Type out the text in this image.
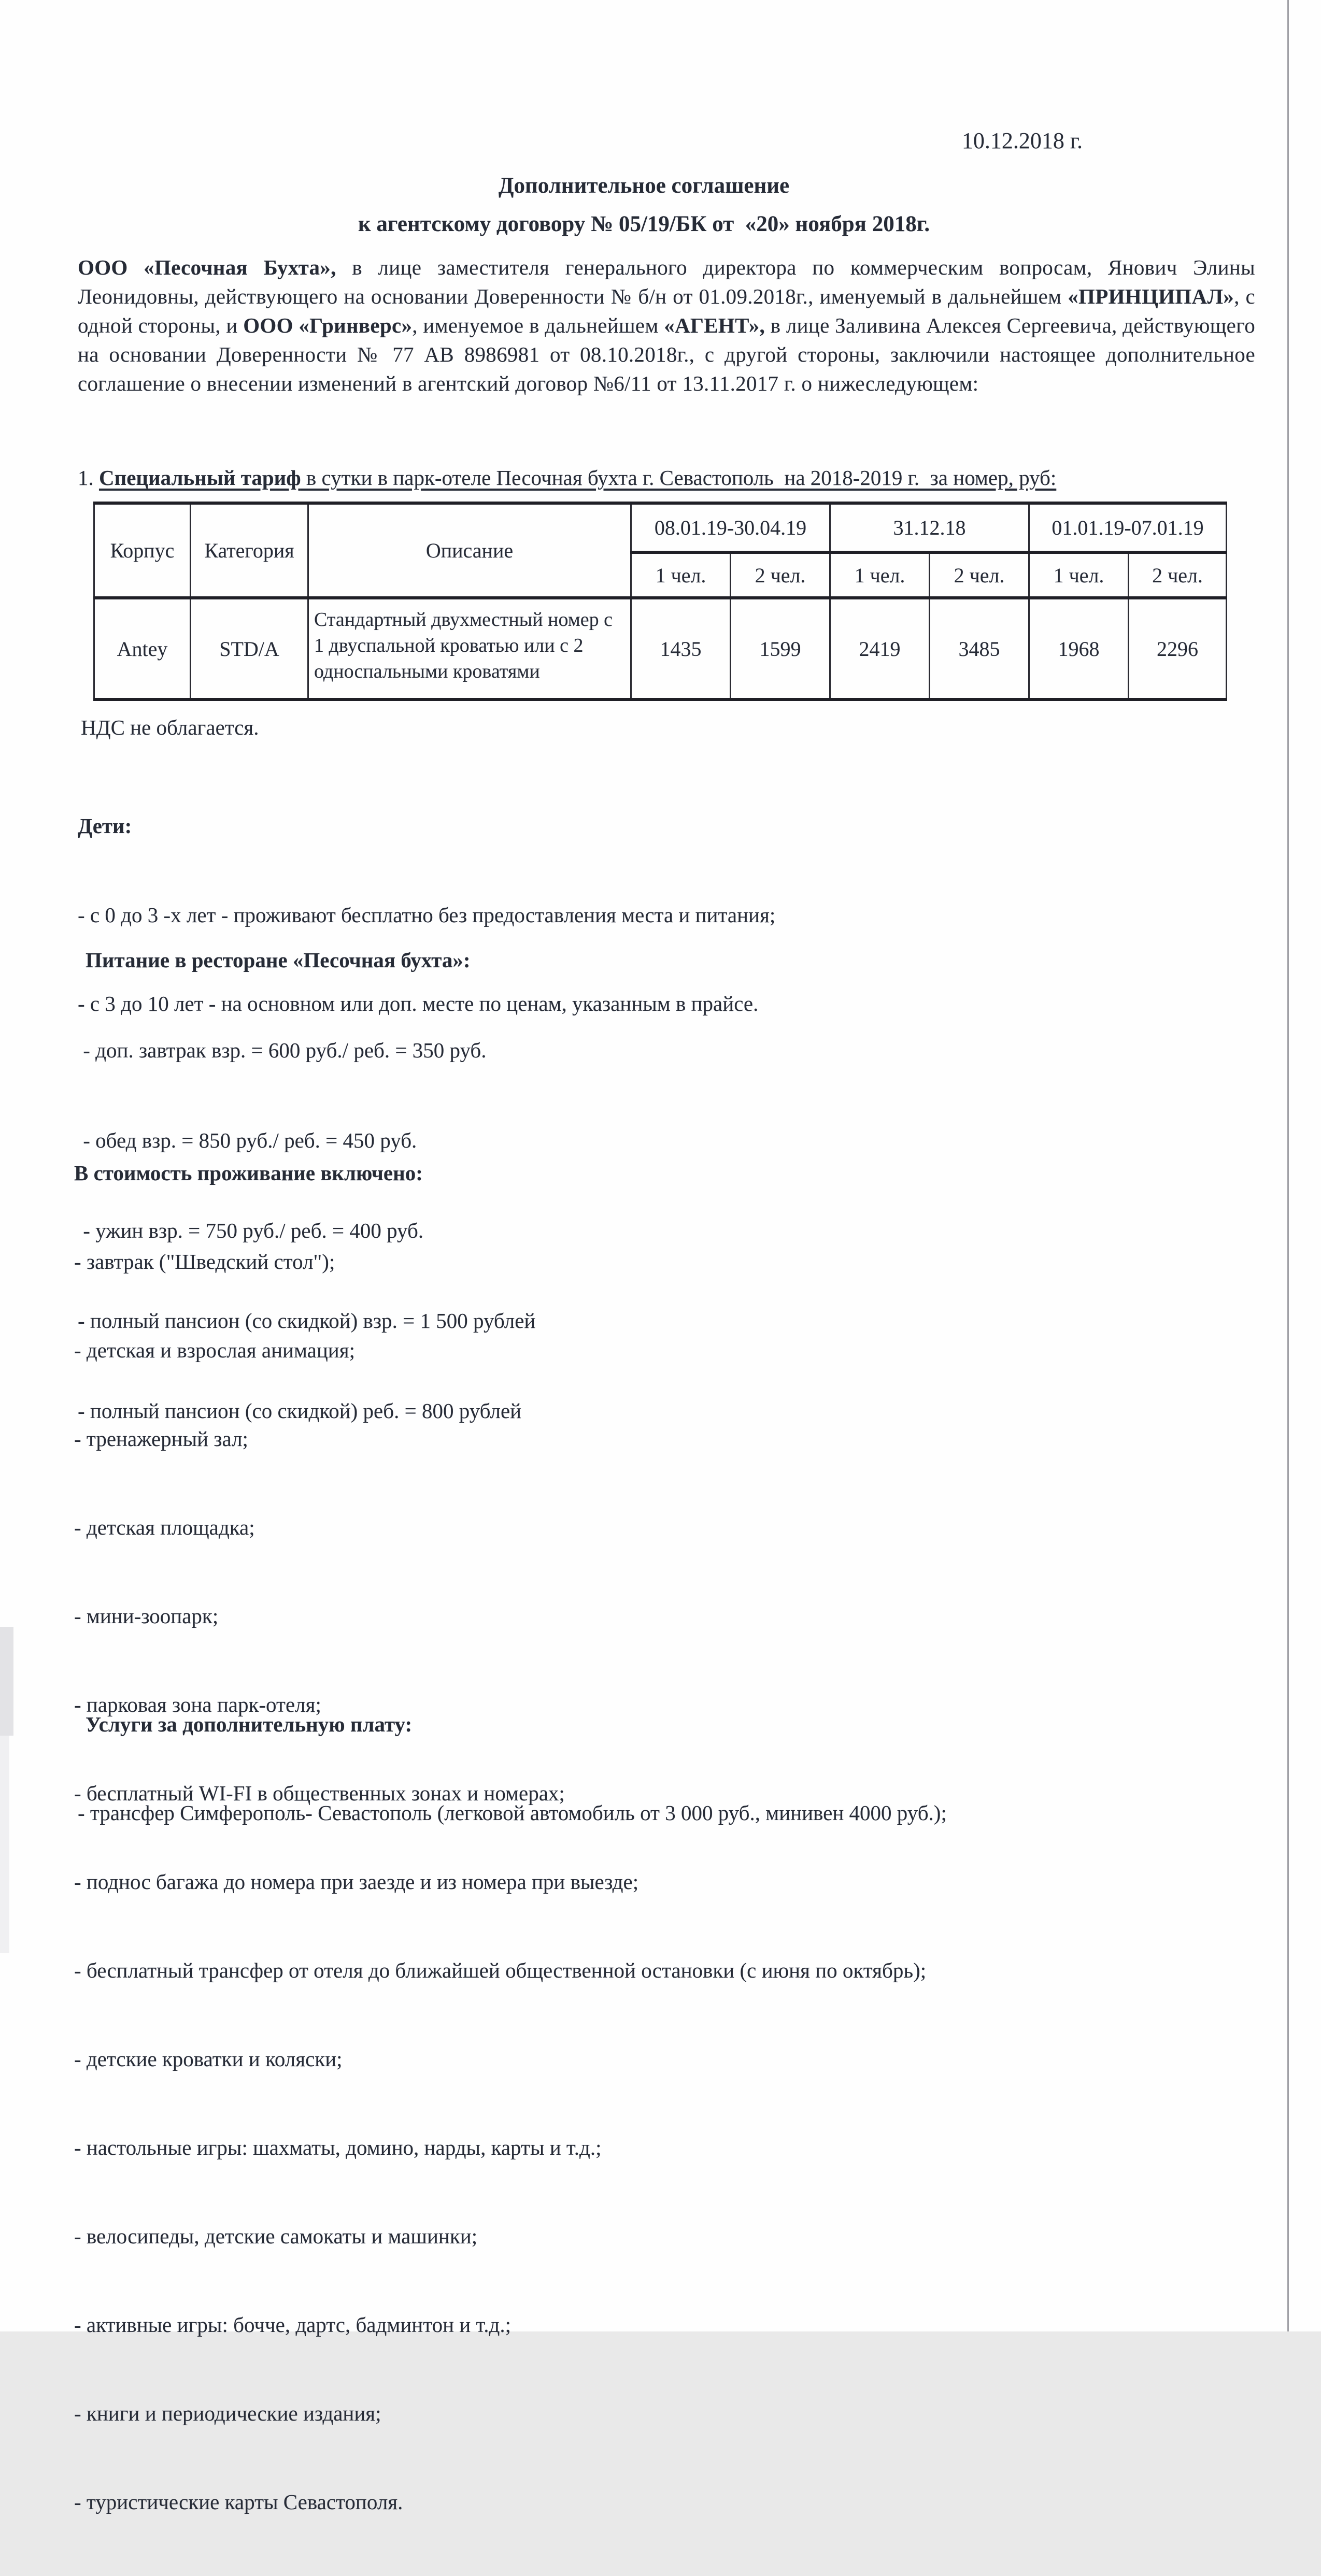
10.12.2018 г.
Дополнительное соглашение
к агентскому договору № 05/19/БК от  «20» ноября 2018г.
ООО «Песочная Бухта», в лице заместителя генерального директора по коммерческим вопросам, Янович Элины Леонидовны, действующего на основании Доверенности № б/н от 01.09.2018г., именуемый в дальнейшем «ПРИНЦИПАЛ», с одной стороны, и ООО «Гринверс», именуемое в дальнейшем «АГЕНТ», в лице Заливина Алексея Сергеевича, действующего на основании Доверенности № 77 АВ 8986981 от 08.10.2018г., с другой стороны, заключили настоящее дополнительное соглашение о внесении изменений в агентский договор №6/11 от 13.11.2017 г. о нижеследующем:
1. Специальный тариф в сутки в парк-отеле Песочная бухта г. Севастополь  на 2018-2019 г.  за номер, руб:
Корпус	Категория	Описание	08.01.19-30.04.19		31.12.18		01.01.19-07.01.19	
			1 чел.	2 чел.	1 чел.	2 чел.	1 чел.	2 чел.
Antey	STD/A	Стандартный двухместный номер с 1 двуспальной кроватью или с 2 односпальными кроватями	1435	1599	2419	3485	1968	2296
НДС не облагается.

Дети:

- с 0 до 3 -х лет - проживают бесплатно без предоставления места и питания;

- с 3 до 10 лет - на основном или доп. месте по ценам, указанным в прайсе.

Питание в ресторане «Песочная бухта»:

- доп. завтрак взр. = 600 руб./ реб. = 350 руб.

- обед взр. = 850 руб./ реб. = 450 руб.

- ужин взр. = 750 руб./ реб. = 400 руб.

- полный пансион (со скидкой) взр. = 1 500 рублей

- полный пансион (со скидкой) реб. = 800 рублей

В стоимость проживание включено:

- завтрак ("Шведский стол");

- детская и взрослая анимация;

- тренажерный зал;

- детская площадка;

- мини-зоопарк;

- парковая зона парк-отеля;

- бесплатный WI-FI в общественных зонах и номерах;

- поднос багажа до номера при заезде и из номера при выезде;

- бесплатный трансфер от отеля до ближайшей общественной остановки (с июня по октябрь);

- детские кроватки и коляски;

- настольные игры: шахматы, домино, нарды, карты и т.д.;

- велосипеды, детские самокаты и машинки;

- активные игры: бочче, дартс, бадминтон и т.д.;

- книги и периодические издания;

- туристические карты Севастополя.

Услуги за дополнительную плату:

- трансфер Симферополь- Севастополь (легковой автомобиль от 3 000 руб., минивен 4000 руб.);
